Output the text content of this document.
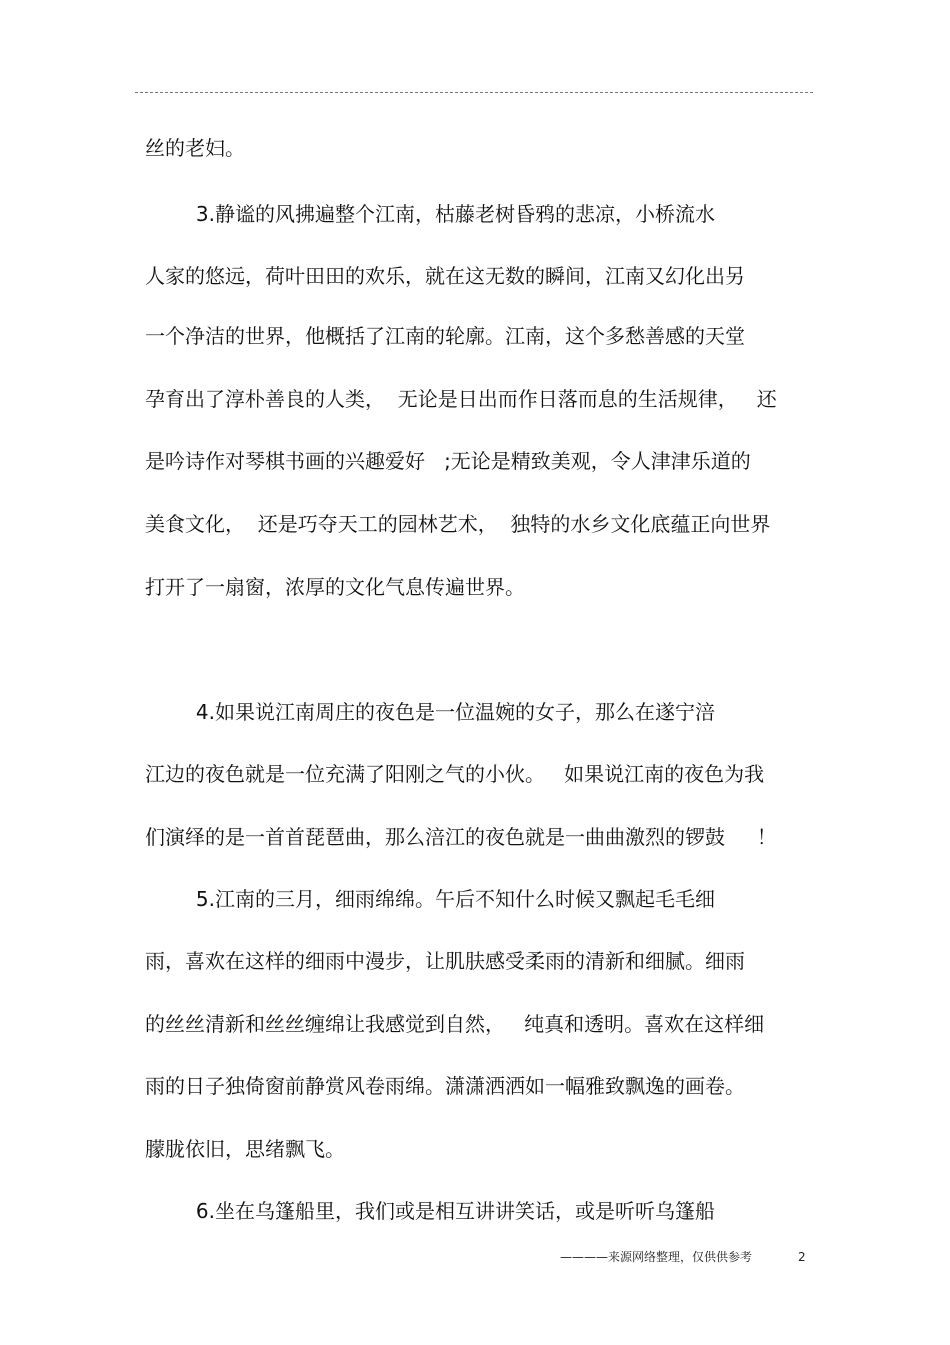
丝的老妇。
3.静谧的风拂遍整个江南，枯藤老树昏鸦的悲凉，小桥流水
人家的悠远，荷叶田田的欢乐，就在这无数的瞬间，江南又幻化出另
一个净洁的世界，他概括了江南的轮廓。江南，这个多愁善感的天堂
孕育出了淳朴善良的人类，  无论是日出而作日落而息的生活规律，   还
是吟诗作对琴棋书画的兴趣爱好   ;无论是精致美观，令人津津乐道的
美食文化，  还是巧夺天工的园林艺术，  独特的水乡文化底蕴正向世界
打开了一扇窗，浓厚的文化气息传遍世界。
4.如果说江南周庄的夜色是一位温婉的女子，那么在遂宁涪
江边的夜色就是一位充满了阳刚之气的小伙。   如果说江南的夜色为我
们演绎的是一首首琵琶曲，那么涪江的夜色就是一曲曲激烈的锣鼓     ！
5.江南的三月，细雨绵绵。午后不知什么时候又飘起毛毛细
雨，喜欢在这样的细雨中漫步，让肌肤感受柔雨的清新和细腻。细雨
的丝丝清新和丝丝缠绵让我感觉到自然，   纯真和透明。喜欢在这样细
雨的日子独倚窗前静赏风卷雨绵。潇潇洒洒如一幅雅致飘逸的画卷。
朦胧依旧，思绪飘飞。
6.坐在乌篷船里，我们或是相互讲讲笑话，或是听听乌篷船
————来源网络整理，仅供供参考	2
